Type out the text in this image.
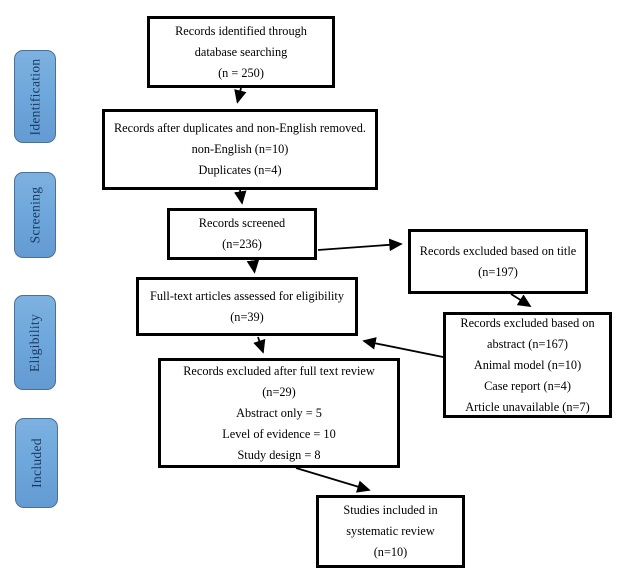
Identification
Screening
Eligibility
Included
Records identified through
database searching
(n = 250)
Records after duplicates and non-English removed.
non-English (n=10)
Duplicates (n=4)
Records screened
(n=236)	Records excluded based on title
(n=197)
Full-text articles assessed for eligibility
(n=39)	Records excluded based on
abstract (n=167)
Animal model (n=10)
Case report (n=4)
Article unavailable (n=7)
Records excluded after full text review
(n=29)
Abstract only = 5
Level of evidence = 10
Study design = 8
Studies included in
systematic review
(n=10)
